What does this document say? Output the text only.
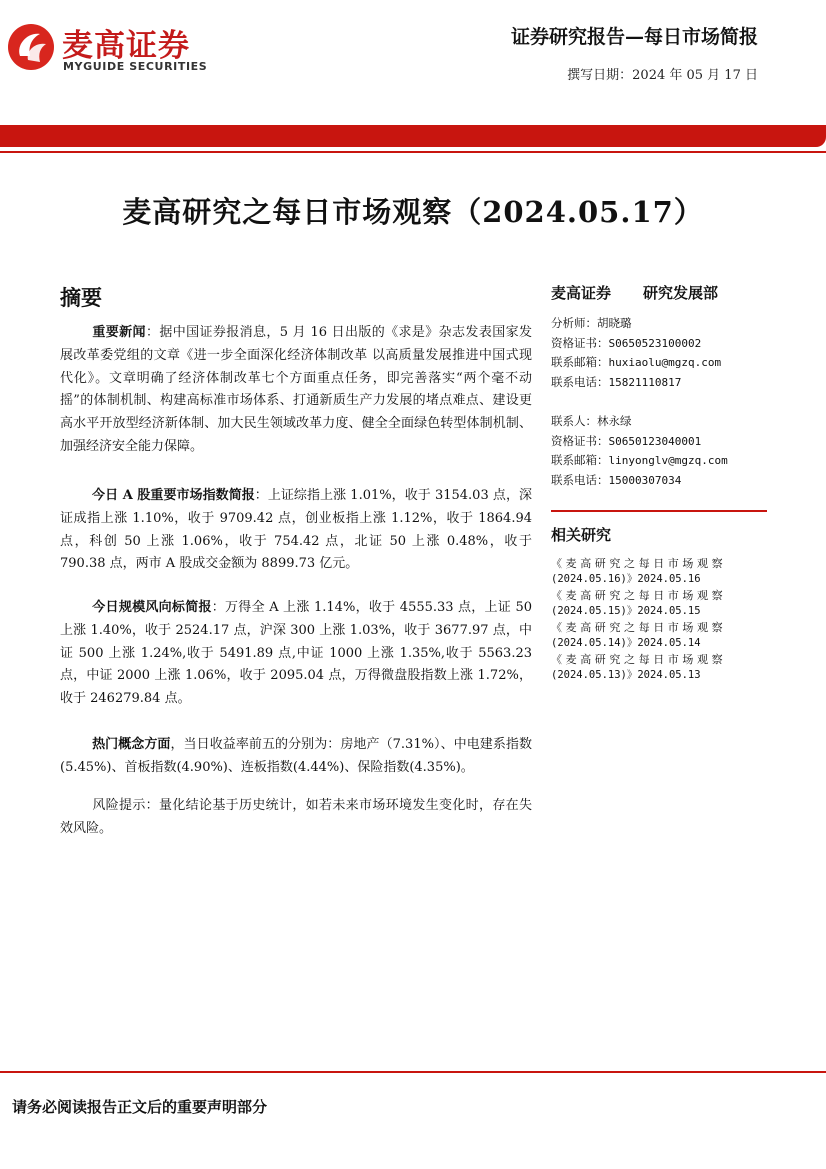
麦高证券
MYGUIDE SECURITIES
证券研究报告—每日市场简报
撰写日期：2024 年 05 月 17 日
麦高研究之每日市场观察（2024.05.17）
摘要
重要新闻：据中国证券报消息，5 月 16 日出版的《求是》杂志发表国家发展改革委党组的文章《进一步全面深化经济体制改革 以高质量发展推进中国式现代化》。文章明确了经济体制改革七个方面重点任务，即完善落实“两个毫不动摇”的体制机制、构建高标准市场体系、打通新质生产力发展的堵点难点、建设更高水平开放型经济新体制、加大民生领域改革力度、健全全面绿色转型体制机制、加强经济安全能力保障。
今日 A 股重要市场指数简报：上证综指上涨 1.01%，收于 3154.03 点，深证成指上涨 1.10%，收于 9709.42 点，创业板指上涨 1.12%，收于 1864.94 点，科创 50 上涨 1.06%，收于 754.42 点，北证 50 上涨 0.48%，收于 790.38 点，两市 A 股成交金额为 8899.73 亿元。
今日规模风向标简报：万得全 A 上涨 1.14%，收于 4555.33 点，上证 50 上涨 1.40%，收于 2524.17 点，沪深 300 上涨 1.03%，收于 3677.97 点，中证 500 上涨 1.24%,收于 5491.89 点,中证 1000 上涨 1.35%,收于 5563.23 点，中证 2000 上涨 1.06%，收于 2095.04 点，万得微盘股指数上涨 1.72%，收于 246279.84 点。
热门概念方面，当日收益率前五的分别为：房地产（7.31%）、中电建系指数(5.45%)、首板指数(4.90%)、连板指数(4.44%)、保险指数(4.35%)。
风险提示：量化结论基于历史统计，如若未来市场环境发生变化时，存在失效风险。
麦高证券 研究发展部
分析师：胡晓璐
资格证书：S0650523100002
联系邮箱：huxiaolu@mgzq.com
联系电话：15821110817
联系人：林永绿
资格证书：S0650123040001
联系邮箱：linyonglv@mgzq.com
联系电话：15000307034
相关研究
《麦高研究之每日市场观察
(2024.05.16)》2024.05.16
《麦高研究之每日市场观察
(2024.05.15)》2024.05.15
《麦高研究之每日市场观察
(2024.05.14)》2024.05.14
《麦高研究之每日市场观察
(2024.05.13)》2024.05.13
请务必阅读报告正文后的重要声明部分
